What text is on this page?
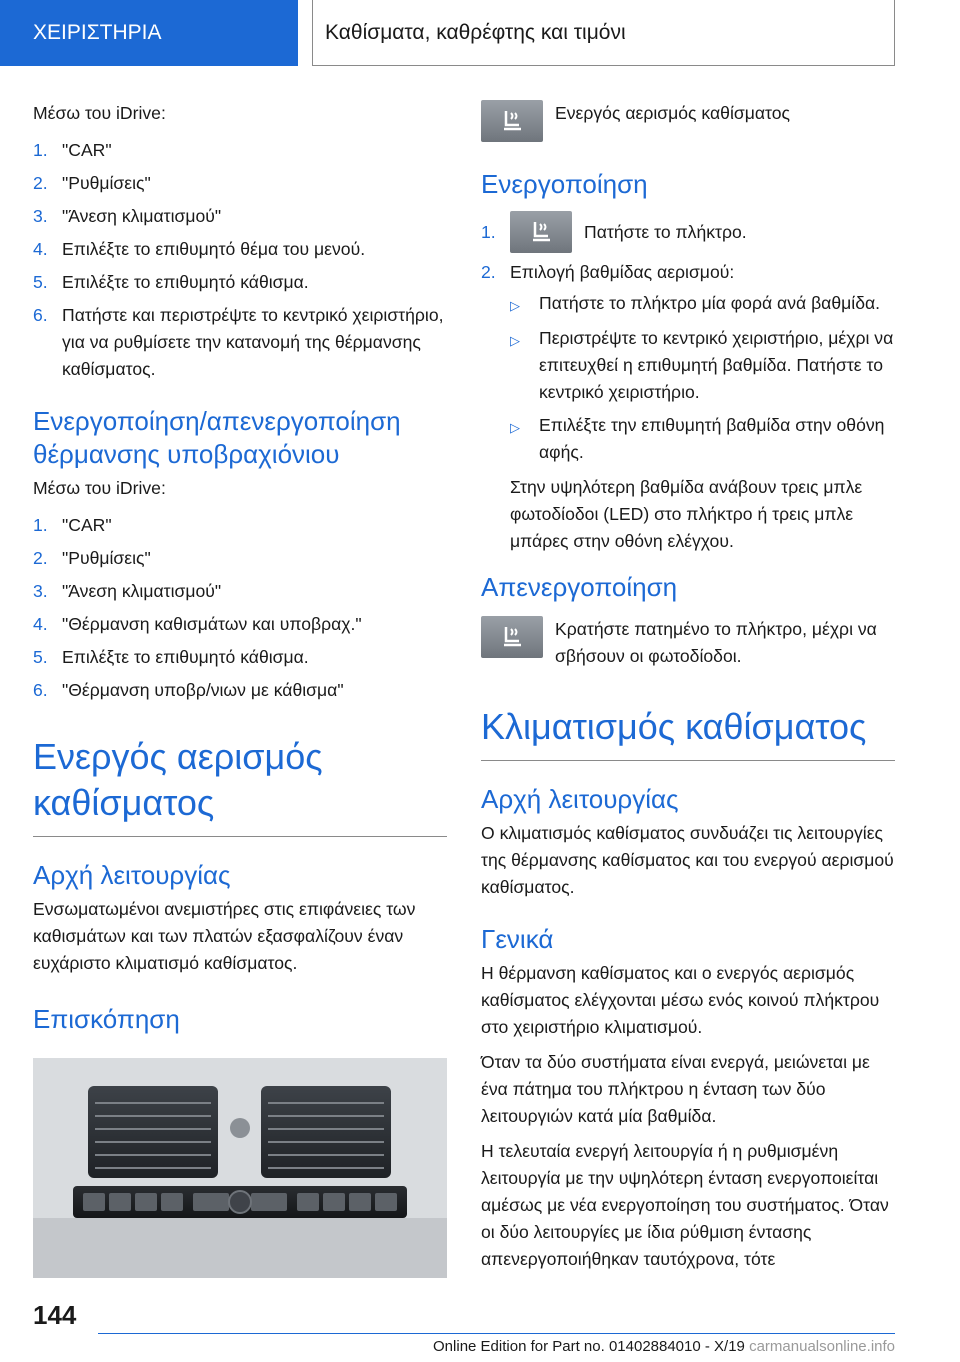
ΧΕΙΡΙΣΤΗΡΙΑ	Καθίσματα, καθρέφτης και τιμόνι

Μέσω του iDrive:

1. "CAR"
2. "Ρυθμίσεις"
3. "Άνεση κλιματισμού"
4. Επιλέξτε το επιθυμητό θέμα του μενού.
5. Επιλέξτε το επιθυμητό κάθισμα.
6. Πατήστε και περιστρέψτε το κεντρικό χειριστήριο, για να ρυθμίσετε την κατανομή της θέρμανσης καθίσματος.
Ενεργοποίηση/απενεργοποίηση θέρμανσης υποβραχιόνιου

Μέσω του iDrive:

1. "CAR"
2. "Ρυθμίσεις"
3. "Άνεση κλιματισμού"
4. "Θέρμανση καθισμάτων και υποβραχ."
5. Επιλέξτε το επιθυμητό κάθισμα.
6. "Θέρμανση υποβρ/νιων με κάθισμα"
Ενεργός αερισμός καθίσματος
Αρχή λειτουργίας

Ενσωματωμένοι ανεμιστήρες στις επιφάνειες των καθισμάτων και των πλατών εξασφαλίζουν έναν ευχάριστο κλιματισμό καθίσματος.

Επισκόπηση
Ενεργός αερισμός καθίσματος
Ενεργοποίηση
1.	Πατήστε το πλήκτρο.
2. Επιλογή βαθμίδας αερισμού:
▷	Πατήστε το πλήκτρο μία φορά ανά βαθμίδα.
▷	Περιστρέψτε το κεντρικό χειριστήριο, μέχρι να επιτευχθεί η επιθυμητή βαθμίδα. Πατήστε το κεντρικό χειριστήριο.
▷	Επιλέξτε την επιθυμητή βαθμίδα στην οθόνη αφής.

Στην υψηλότερη βαθμίδα ανάβουν τρεις μπλε φωτοδίοδοι (LED) στο πλήκτρο ή τρεις μπλε μπάρες στην οθόνη ελέγχου.

Απενεργοποίηση
Κρατήστε πατημένο το πλήκτρο, μέχρι να σβήσουν οι φωτοδίοδοι.
Κλιματισμός καθίσματος
Αρχή λειτουργίας

Ο κλιματισμός καθίσματος συνδυάζει τις λειτουργίες της θέρμανσης καθίσματος και του ενεργού αερισμού καθίσματος.

Γενικά

Η θέρμανση καθίσματος και ο ενεργός αερισμός καθίσματος ελέγχονται μέσω ενός κοινού πλήκτρου στο χειριστήριο κλιματισμού.

Όταν τα δύο συστήματα είναι ενεργά, μειώνεται με ένα πάτημα του πλήκτρου η ένταση των δύο λειτουργιών κατά μία βαθμίδα.

Η τελευταία ενεργή λειτουργία ή η ρυθμισμένη λειτουργία με την υψηλότερη ένταση ενεργοποιείται αμέσως με νέα ενεργοποίηση του συστήματος. Όταν οι δύο λειτουργίες με ίδια ρύθμιση έντασης απενεργοποιήθηκαν ταυτόχρονα, τότε

144
Online Edition for Part no. 01402884010 - X/19 carmanualsonline.info
